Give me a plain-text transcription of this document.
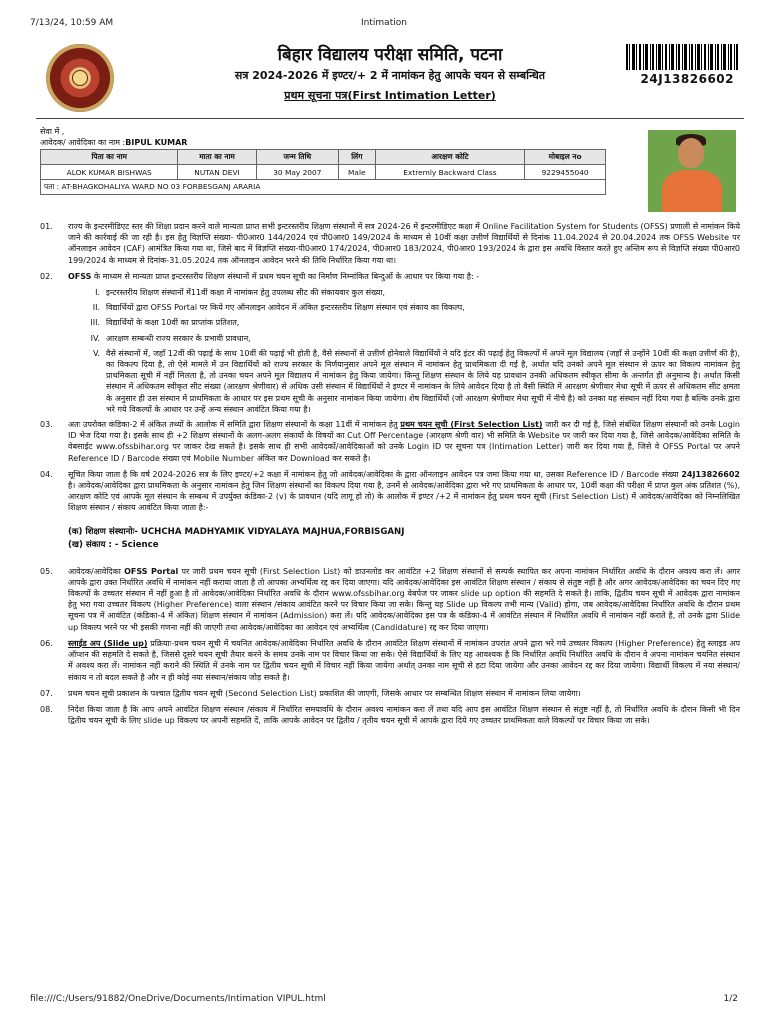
7/13/24, 10:59 AM	Intimation
बिहार विद्यालय परीक्षा समिति, पटना
सत्र 2024-2026 में इण्टर/+ 2 में नामांकन हेतु आपके चयन से सम्बन्धित
प्रथम सूचना पत्र(First Intimation Letter)
24J13826602
सेवा में ,
आवेदक/ आवेदिका का नाम :BIPUL KUMAR
पिता का नाम	माता का नाम	जन्म तिथि	लिंग	आरक्षण कोटि	मोबाइल नo
ALOK KUMAR BISHWAS	NUTAN DEVI	30 May 2007	Male	Extremly Backward Class	9229455040
पता : AT-BHAGKOHALIYA WARD NO 03 FORBESGANJ ARARIA					
01.	राज्य के इन्टरमीडिएट स्तर की शिक्षा प्रदान करने वाले मान्यता प्राप्त सभी इन्टरस्तरीय शिक्षण संस्थानों में सत्र 2024-26 में इन्टरमीडिएट कक्षा में Online Facilitation System for Students (OFSS) प्रणाली से नामांकन किये जाने की कार्रवाई की जा रही है। इस हेतु विज्ञप्ति संख्या- पी0आर0 144/2024 एवं पी0आर0 149/2024 के माध्यम से 10वीं कक्षा उत्तीर्ण विद्यार्थियों से दिनांक 11.04.2024 से 20.04.2024 तक OFSS Website पर ऑनलाइन आवेदन (CAF) आमंत्रित किया गया था, जिसे बाद में विज्ञप्ति संख्या-पी0आर0 174/2024, पी0आर0 183/2024, पी0आर0 193/2024 के द्वारा इस अवधि विस्तार करते हुए अन्तिम रूप से विज्ञप्ति संख्या पी0आर0 199/2024 के माध्यम से दिनांक-31.05.2024 तक ऑनलाइन आवेदन भरने की तिथि निर्धारित किया गया था।
02.	OFSS के माध्यम से मान्यता प्राप्त इन्टरस्तरीय शिक्षण संस्थानों में प्रथम चयन सूची का निर्माण निम्नांकित बिन्दुओं के आधार पर किया गया है: -
I. इन्टरस्तरीय शिक्षण संस्थानों में11वीं कक्षा में नामांकन हेतु उपलब्ध सीट की संकायवार कुल संख्या,
II. विद्यार्थियों द्वारा OFSS Portal पर किये गए ऑनलाइन आवेदन में अंकित इन्टरस्तरीय शिक्षण संस्थान एवं संकाय का विकल्प,
III. विद्यार्थियों के कक्षा 10वीं का प्राप्तांक प्रतिशत,
IV. आरक्षण सम्बन्धी राज्य सरकार के प्रभावी प्रावधान,
V. वैसे संस्थानों में, जहाँ 12वीं की पढ़ाई के साथ 10वीं की पढ़ाई भी होती है, वैसे संस्थानों से उत्तीर्ण होनेवाले विद्यार्थियों ने यदि इंटर की पढ़ाई हेतु विकल्पों में अपने मूल विद्यालय (जहाँ से उन्होंने 10वीं की कक्षा उत्तीर्ण की है), का विकल्प दिया है, तो ऐसे मामले में उन विद्यार्थियों को राज्य सरकार के निर्णयानुसार अपने मूल संस्थान में नामांकन हेतु प्राथमिकता दी गई है, अर्थात यदि उनको अपने मूल संस्थान से ऊपर का विकल्प नामांकन हेतु प्राथमिकता सूची में नहीं मिलता है, तो उनका चयन अपने मूल विद्यालय में नामांकन हेतु किया जायेगा। किन्तु शिक्षण संस्थान के लिये यह प्रावधान उनकी अधिकतम स्वीकृत सीमा के अन्तर्गत ही अनुमान्य है। अर्थात किसी संस्थान में अधिकतम स्वीकृत सीट संख्या (आरक्षण श्रेणीवार) से अधिक उसी संस्थान में विद्यार्थियों ने इण्टर में नामांकन के लिये आवेदन दिया है तो वैसी स्थिति में आरक्षण श्रेणीवार मेधा सूची में ऊपर से अधिकतम सीट क्षमता के अनुसार ही उस संस्थान में प्राथमिकता के आधार पर इस प्रथम सूची के अनुसार नामांकन किया जायेगा। शेष विद्यार्थियों (जो आरक्षण श्रेणीवार मेधा सूची में नीचे है) को उनका यह संस्थान नहीं दिया गया है बल्कि उनके द्वारा भरे गये विकल्पों के आधार पर उन्हें अन्य संस्थान आवंटित किया गया है।
03.	अतः उपरोक्त कंडिका-2 में अंकित तथ्यों के आलोक में समिति द्वारा शिक्षण संस्थानों के कक्षा 11वीं में नामांकन हेतु प्रथम चयन सूची (First Selection List) जारी कर दी गई है, जिसे संबंधित शिक्षण संस्थानों को उनके Login ID भेज दिया गया है। इसके साथ ही +2 शिक्षण संस्थानों के अलग-अलग संकायों के विषयों का Cut Off Percentage (आरक्षण श्रेणी वार) भी समिति के Website पर जारी कर दिया गया है, जिसे आवेदक/आवेदिका समिति के वेबसाईट www.ofssbihar.org पर जाकर देख सकते है। इसके साथ ही सभी आवेदकों/आवेदिकाओं को उनके Login ID पर सूचना पत्र (Intimation Letter) जारी कर दिया गया है, जिसे वे OFSS Portal पर अपने Reference ID / Barcode संख्या एवं Mobile Number अंकित कर Download कर सकते है।
04.	सूचित किया जाता है कि वर्ष 2024-2026 सत्र के लिए इण्टर/+2 कक्षा में नामांकन हेतु जो आवेदक/आवेदिका के द्वारा ऑनलाइन आवेदन पत्र जमा किया गया था, उसका Reference ID / Barcode संख्या 24J13826602 है। आवेदक/आवेदिका द्वारा प्राथमिकता के अनुसार नामांकन हेतु जिन शिक्षण संस्थानों का विकल्प दिया गया है, उनमें से आवेदक/आवेदिका द्वारा भरे गए प्राथमिकता के आधार पर, 10वीं कक्षा की परीक्षा में प्राप्त कुल अंक प्रतिशत (%), आरक्षण कोटि एवं आपके मूल संस्थान के सम्बन्ध में उपर्युक्त कंडिका-2 (v) के प्रावधान (यदि लागू हो तो) के आलोक में इण्टर /+2 में नामांकन हेतु प्रथम चयन सूची (First Selection List) में आवेदक/आवेदिका को निम्नलिखित शिक्षण संस्थान / संकाय आवंटित किया जाता है:-
(क) शिक्षण संस्थानोः- UCHCHA MADHYAMIK VIDYALAYA MAJHUA,FORBISGANJ
(ख) संकाय : - Science
05.	आवेदक/आवेदिका OFSS Portal पर जारी प्रथम चयन सूची (First Selection List) को डाउनलोड कर आवंटित +2 शिक्षण संस्थानों से सम्पर्क स्थापित कर अपना नामांकन निर्धारित अवधि के दौरान अवश्य करा लें। अगर आपके द्वारा उक्त निर्धारित अवधि में नामांकन नहीं कराया जाता है तो आपका अभ्यर्थित्व रद्द कर दिया जाएगा। यदि आवेदक/आवेदिका इस आवंटित शिक्षण संस्थान / संकाय से संतुष्ट नहीं है और अगर आवेदक/आवेदिका का चयन दिए गए विकल्पों के उच्चतर संस्थान में नहीं हुआ है तो आवेदक/आवेदिका निर्धारित अवधि के दौरान www.ofssbihar.org वेबपेज पर जाकर slide up option की सहमति दे सकते है। ताकि, द्वितीय चयन सूची में आवेदक द्वारा नामांकन हेतु भरा गया उच्चतर विकल्प (Higher Preference) वाला संस्थान /संकाय आवंटित करने पर विचार किया जा सके। किन्तु यह Slide up विकल्प तभी मान्य (Valid) होगा, जब आवेदक/आवेदिका निर्धारित अवधि के दौरान प्रथम सूचना पत्र में आवंटित (कंडिका-4 में अंकित) शिक्षण संस्थान में नामांकन (Admission) करा लें। यदि आवेदक/आवेदिका इस पत्र के कंडिका-4 में आवंटित संस्थान में निर्धारित अवधि में नामांकन नहीं कराते है, तो उनके द्वारा Slide up विकल्प भरने पर भी इसकी गणना नहीं की जाएगी तथा आवेदक/आवेदिका का आवेदन एवं अभ्यर्थित्व (Candidature) रद्द कर दिया जाएगा।
06.	स्लाईड अप (Slide up) प्रक्रियाः-प्रथम चयन सूची में चयनित आवेदक/आवेदिका निर्धारित अवधि के दौरान आवंटित शिक्षण संस्थानों में नामांकन उपरांत अपने द्वारा भरे गये उच्चतर विकल्प (Higher Preference) हेतु स्लाइड अप ऑप्शन की सहमति दे सकते है, जिससे दूसरे चयन सूची तैयार करने के समय उनके नाम पर विचार किया जा सके। ऐसे विद्यार्थियों के लिए यह आवश्यक है कि निर्धारित अवधि निर्धारित अवधि के दौरान वे अपना नामांकन चयनित संस्थान में अवश्य करा लें। नामांकन नहीं कराने की स्थिति में उनके नाम पर द्वितीय चयन सूची में विचार नहीं किया जायेगा अर्थात् उनका नाम सूची से हटा दिया जायेगा और उनका आवेदन रद्द कर दिया जायेगा। विद्यार्थी विकल्प में नया संस्थान/ संकाय न तो बदल सकते है और न ही कोई नया संस्थान/संकाय जोड़ सकते है।
07.	प्रथम चयन सूची प्रकाशन के पश्चात द्वितीय चयन सूची (Second Selection List) प्रकाशित की जाएगी, जिसके आधार पर सम्बन्धित शिक्षण संस्थान में नामांकन लिया जायेगा।
08.	निदेश किया जाता है कि आप अपने आवंटित शिक्षण संस्थान /संकाय में निर्धारित समयावधि के दौरान अवश्य नामांकन करा लें तथा यदि आप इस आवंटित शिक्षण संस्थान से संतुष्ट नहीं है, तो निर्धारित अवधि के दौरान किसी भी दिन द्वितीय चयन सूची के लिए slide up विकल्प पर अपनी सहमति दें, ताकि आपके आवेदन पर द्वितीय / तृतीय चयन सूची में आपके द्वारा दिये गए उच्चतर प्राथमिकता वाले विकल्पों पर विचार किया जा सके।
file:///C:/Users/91882/OneDrive/Documents/Intimation VIPUL.html	1/2
